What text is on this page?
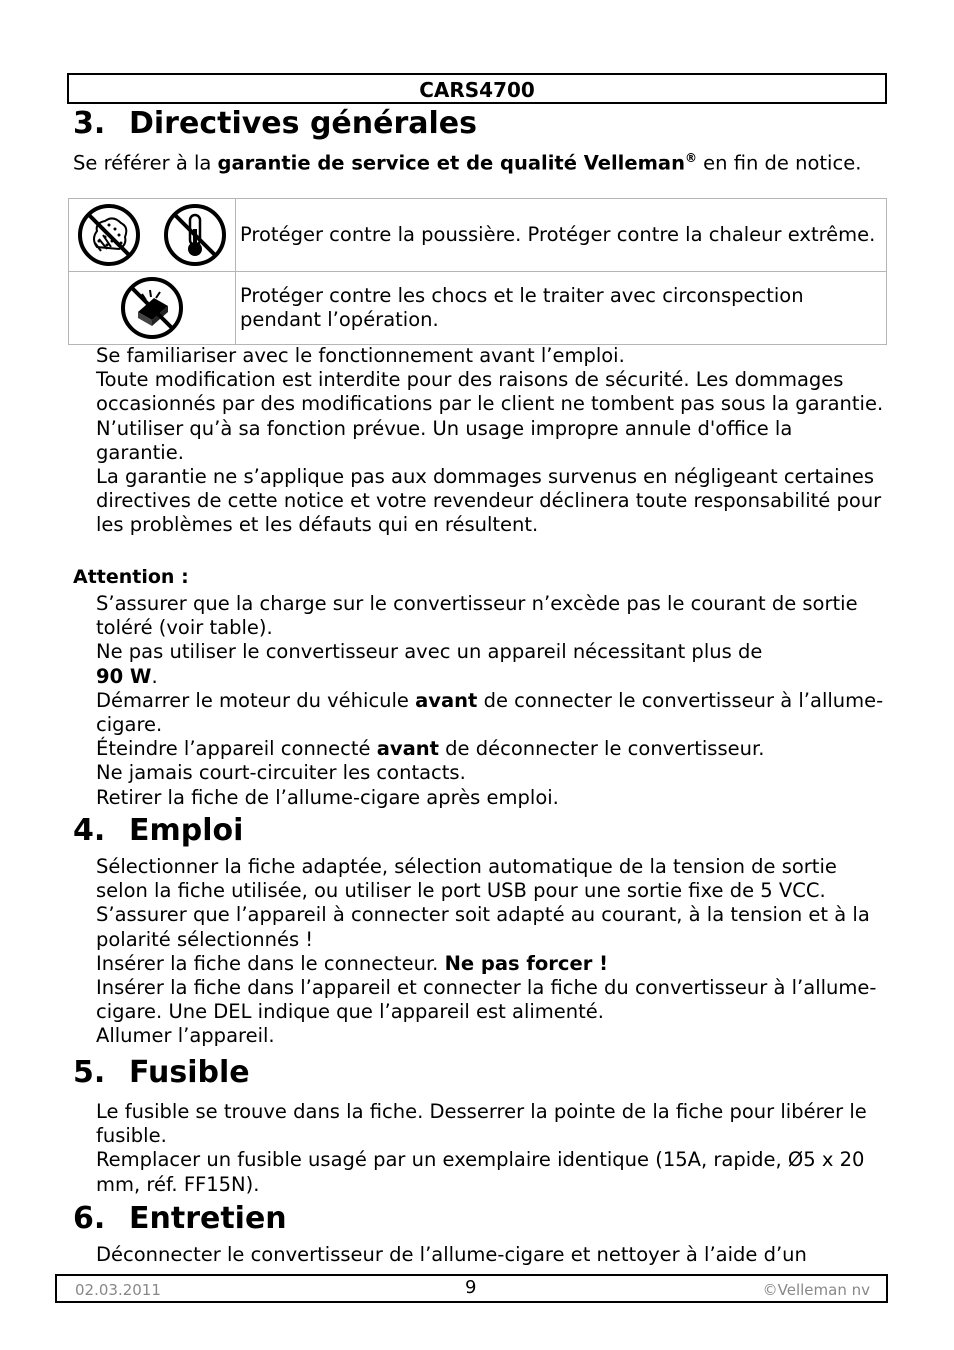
CARS4700
3. Directives générales

Se référer à la garantie de service et de qualité Velleman® en fin de notice.

	Protéger contre la poussière. Protéger contre la chaleur extrême.
	Protéger contre les chocs et le traiter avec circonspection pendant l’opération.

Se familiariser avec le fonctionnement avant l’emploi.

Toute modification est interdite pour des raisons de sécurité. Les dommages occasionnés par des modifications par le client ne tombent pas sous la garantie.

N’utiliser qu’à sa fonction prévue. Un usage impropre annule d'office la garantie.

La garantie ne s’applique pas aux dommages survenus en négligeant certaines directives de cette notice et votre revendeur déclinera toute responsabilité pour les problèmes et les défauts qui en résultent.

Attention :

S’assurer que la charge sur le convertisseur n’excède pas le courant de sortie toléré (voir table).

Ne pas utiliser le convertisseur avec un appareil nécessitant plus de
90 W.

Démarrer le moteur du véhicule avant de connecter le convertisseur à l’allume-cigare.

Éteindre l’appareil connecté avant de déconnecter le convertisseur.

Ne jamais court-circuiter les contacts.

Retirer la fiche de l’allume-cigare après emploi.

4. Emploi

Sélectionner la fiche adaptée, sélection automatique de la tension de sortie selon la fiche utilisée, ou utiliser le port USB pour une sortie fixe de 5 VCC. S’assurer que l’appareil à connecter soit adapté au courant, à la tension et à la polarité sélectionnés !

Insérer la fiche dans le connecteur. Ne pas forcer !

Insérer la fiche dans l’appareil et connecter la fiche du convertisseur à l’allume-cigare. Une DEL indique que l’appareil est alimenté.

Allumer l’appareil.

5. Fusible

Le fusible se trouve dans la fiche. Desserrer la pointe de la fiche pour libérer le fusible.

Remplacer un fusible usagé par un exemplaire identique (15A, rapide, Ø5 x 20 mm, réf. FF15N).

6. Entretien

Déconnecter le convertisseur de l’allume-cigare et nettoyer à l’aide d’un

02.03.2011	9	©Velleman nv
